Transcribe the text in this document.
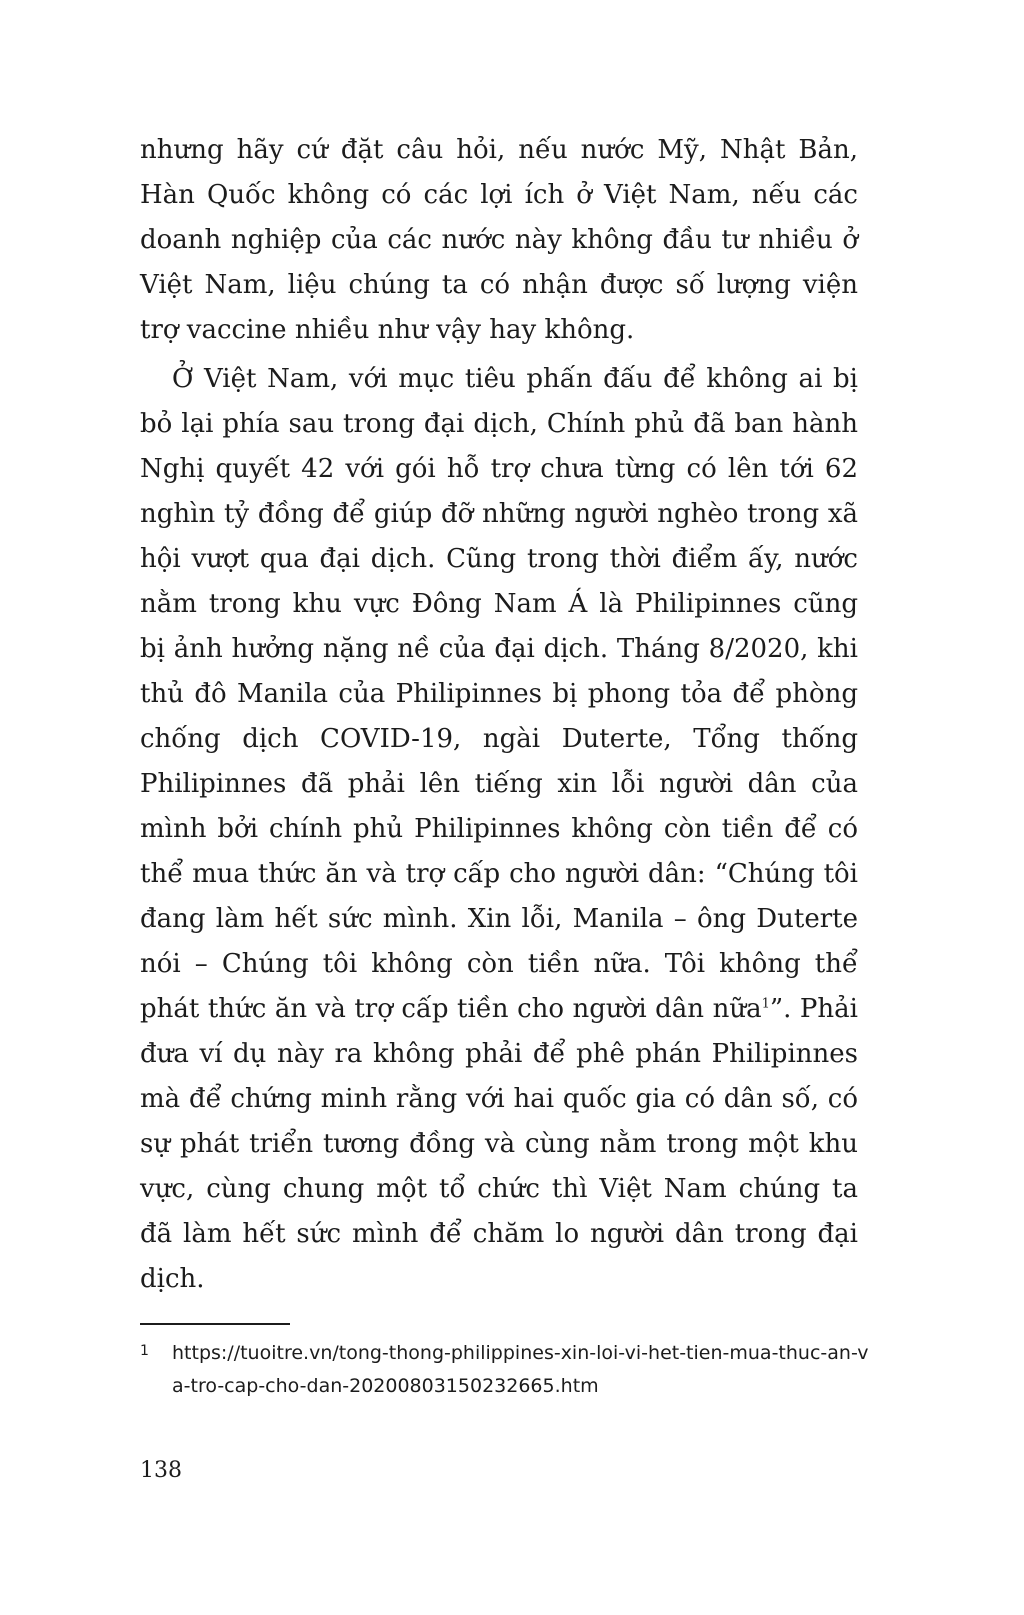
nhưng hãy cứ đặt câu hỏi, nếu nước Mỹ, Nhật Bản, Hàn Quốc không có các lợi ích ở Việt Nam, nếu các doanh nghiệp của các nước này không đầu tư nhiều ở Việt Nam, liệu chúng ta có nhận được số lượng viện trợ vaccine nhiều như vậy hay không.

Ở Việt Nam, với mục tiêu phấn đấu để không ai bị bỏ lại phía sau trong đại dịch, Chính phủ đã ban hành Nghị quyết 42 với gói hỗ trợ chưa từng có lên tới 62 nghìn tỷ đồng để giúp đỡ những người nghèo trong xã hội vượt qua đại dịch. Cũng trong thời điểm ấy, nước nằm trong khu vực Đông Nam Á là Philipinnes cũng bị ảnh hưởng nặng nề của đại dịch. Tháng 8/2020, khi thủ đô Manila của Philipinnes bị phong tỏa để phòng chống dịch COVID-19, ngài Duterte, Tổng thống Philipinnes đã phải lên tiếng xin lỗi người dân của mình bởi chính phủ Philipinnes không còn tiền để có thể mua thức ăn và trợ cấp cho người dân: “Chúng tôi đang làm hết sức mình. Xin lỗi, Manila – ông Duterte nói – Chúng tôi không còn tiền nữa. Tôi không thể phát thức ăn và trợ cấp tiền cho người dân nữa$^1$”. Phải đưa ví dụ này ra không phải để phê phán Philipinnes mà để chứng minh rằng với hai quốc gia có dân số, có sự phát triển tương đồng và cùng nằm trong một khu vực, cùng chung một tổ chức thì Việt Nam chúng ta đã làm hết sức mình để chăm lo người dân trong đại dịch.

1 https://tuoitre.vn/tong-thong-philippines-xin-loi-vi-het-tien-mua-thuc-an-va-tro-cap-cho-dan-20200803150232665.htm
138
